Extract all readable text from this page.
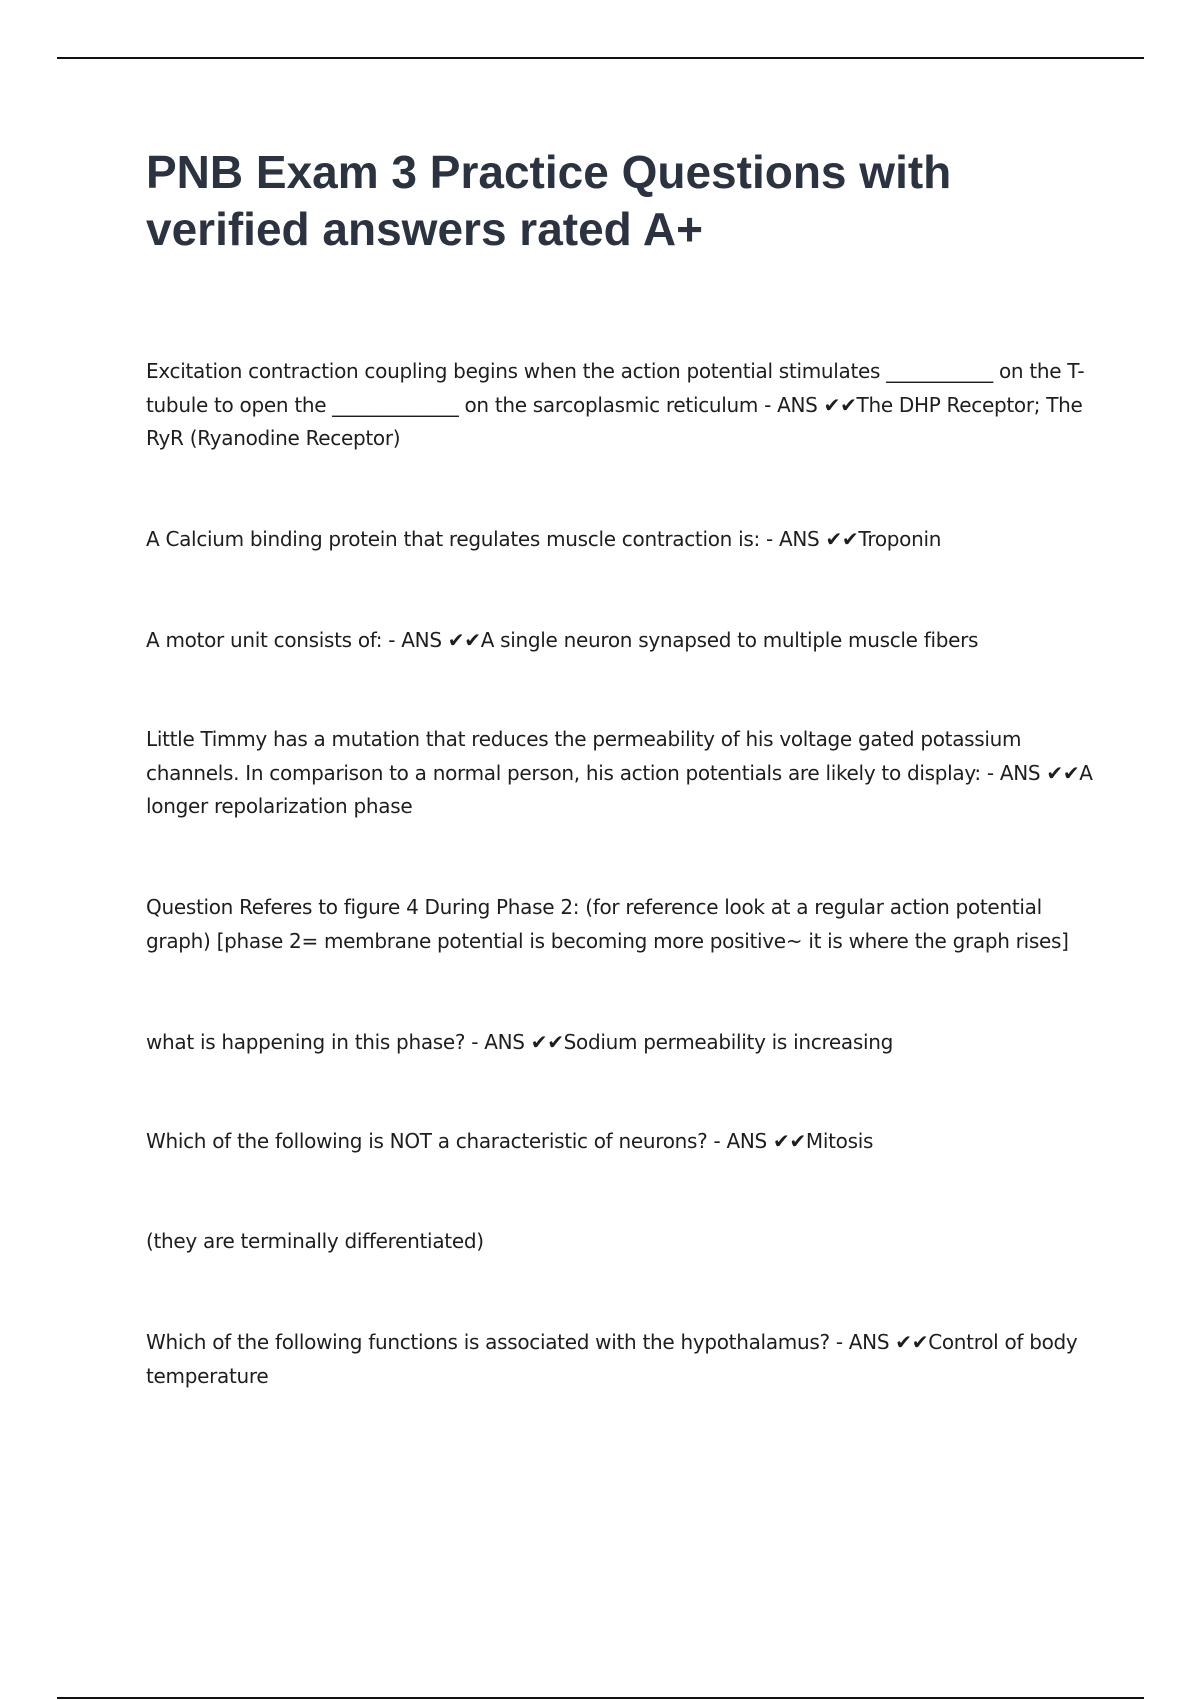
PNB Exam 3 Practice Questions with verified answers rated A+

Excitation contraction coupling begins when the action potential stimulates ___________ on the T-tubule to open the _____________ on the sarcoplasmic reticulum - ANS ✔✔The DHP Receptor; The RyR (Ryanodine Receptor)

A Calcium binding protein that regulates muscle contraction is: - ANS ✔✔Troponin

A motor unit consists of: - ANS ✔✔A single neuron synapsed to multiple muscle fibers

Little Timmy has a mutation that reduces the permeability of his voltage gated potassium channels. In comparison to a normal person, his action potentials are likely to display: - ANS ✔✔A longer repolarization phase

Question Referes to figure 4 During Phase 2: (for reference look at a regular action potential graph) [phase 2= membrane potential is becoming more positive~ it is where the graph rises]

what is happening in this phase? - ANS ✔✔Sodium permeability is increasing

Which of the following is NOT a characteristic of neurons? - ANS ✔✔Mitosis

(they are terminally differentiated)

Which of the following functions is associated with the hypothalamus? - ANS ✔✔Control of body temperature
